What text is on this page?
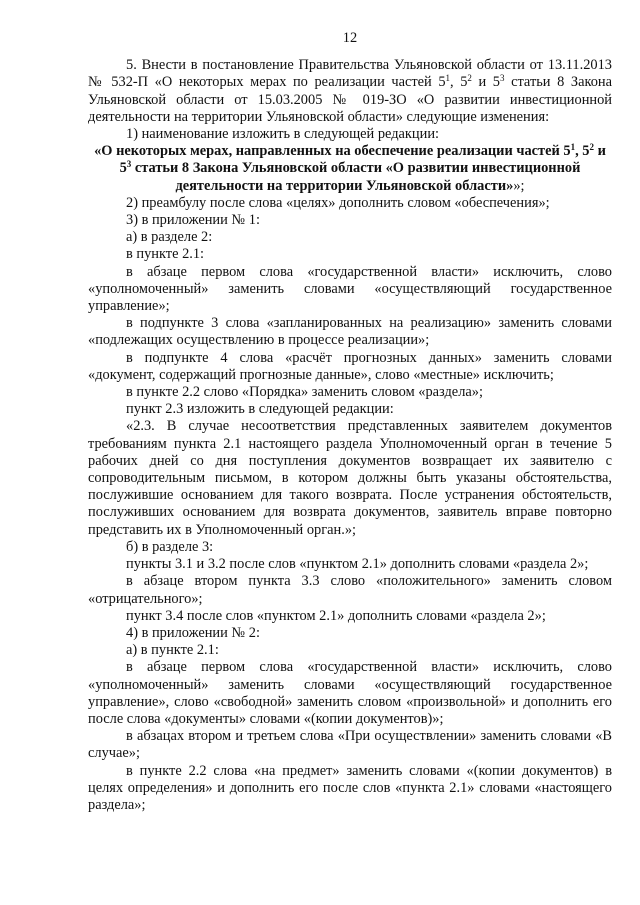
12

5. Внести в постановление Правительства Ульяновской области от 13.11.2013 № 532-П «О некоторых мерах по реализации частей $5^1$, $5^2$ и $5^3$ статьи 8 Закона Ульяновской области от 15.03.2005 № 019-ЗО «О развитии инвестиционной деятельности на территории Ульяновской области» следующие изменения:

1) наименование изложить в следующей редакции:

«О некоторых мерах, направленных на обеспечение реализации частей $5^1$, $5^2$ и $5^3$ статьи 8 Закона Ульяновской области «О развитии инвестиционной деятельности на территории Ульяновской области»»;

2) преамбулу после слова «целях» дополнить словом «обеспечения»;

3) в приложении № 1:

а) в разделе 2:

в пункте 2.1:

в абзаце первом слова «государственной власти» исключить, слово «уполномоченный» заменить словами «осуществляющий государственное управление»;

в подпункте 3 слова «запланированных на реализацию» заменить словами «подлежащих осуществлению в процессе реализации»;

в подпункте 4 слова «расчёт прогнозных данных» заменить словами «документ, содержащий прогнозные данные», слово «местные» исключить;

в пункте 2.2 слово «Порядка» заменить словом «раздела»;

пункт 2.3 изложить в следующей редакции:

«2.3. В случае несоответствия представленных заявителем документов требованиям пункта 2.1 настоящего раздела Уполномоченный орган в течение 5 рабочих дней со дня поступления документов возвращает их заявителю с сопроводительным письмом, в котором должны быть указаны обстоятельства, послужившие основанием для такого возврата. После устранения обстоятельств, послуживших основанием для возврата документов, заявитель вправе повторно представить их в Уполномоченный орган.»;

б) в разделе 3:

пункты 3.1 и 3.2 после слов «пунктом 2.1» дополнить словами «раздела 2»;

в абзаце втором пункта 3.3 слово «положительного» заменить словом «отрицательного»;

пункт 3.4 после слов «пунктом 2.1» дополнить словами «раздела 2»;

4) в приложении № 2:

а) в пункте 2.1:

в абзаце первом слова «государственной власти» исключить, слово «уполномоченный» заменить словами «осуществляющий государственное управление», слово «свободной» заменить словом «произвольной» и дополнить его после слова «документы» словами «(копии документов)»;

в абзацах втором и третьем слова «При осуществлении» заменить словами «В случае»;

в пункте 2.2 слова «на предмет» заменить словами «(копии документов) в целях определения» и дополнить его после слов «пункта 2.1» словами «настоящего раздела»;
